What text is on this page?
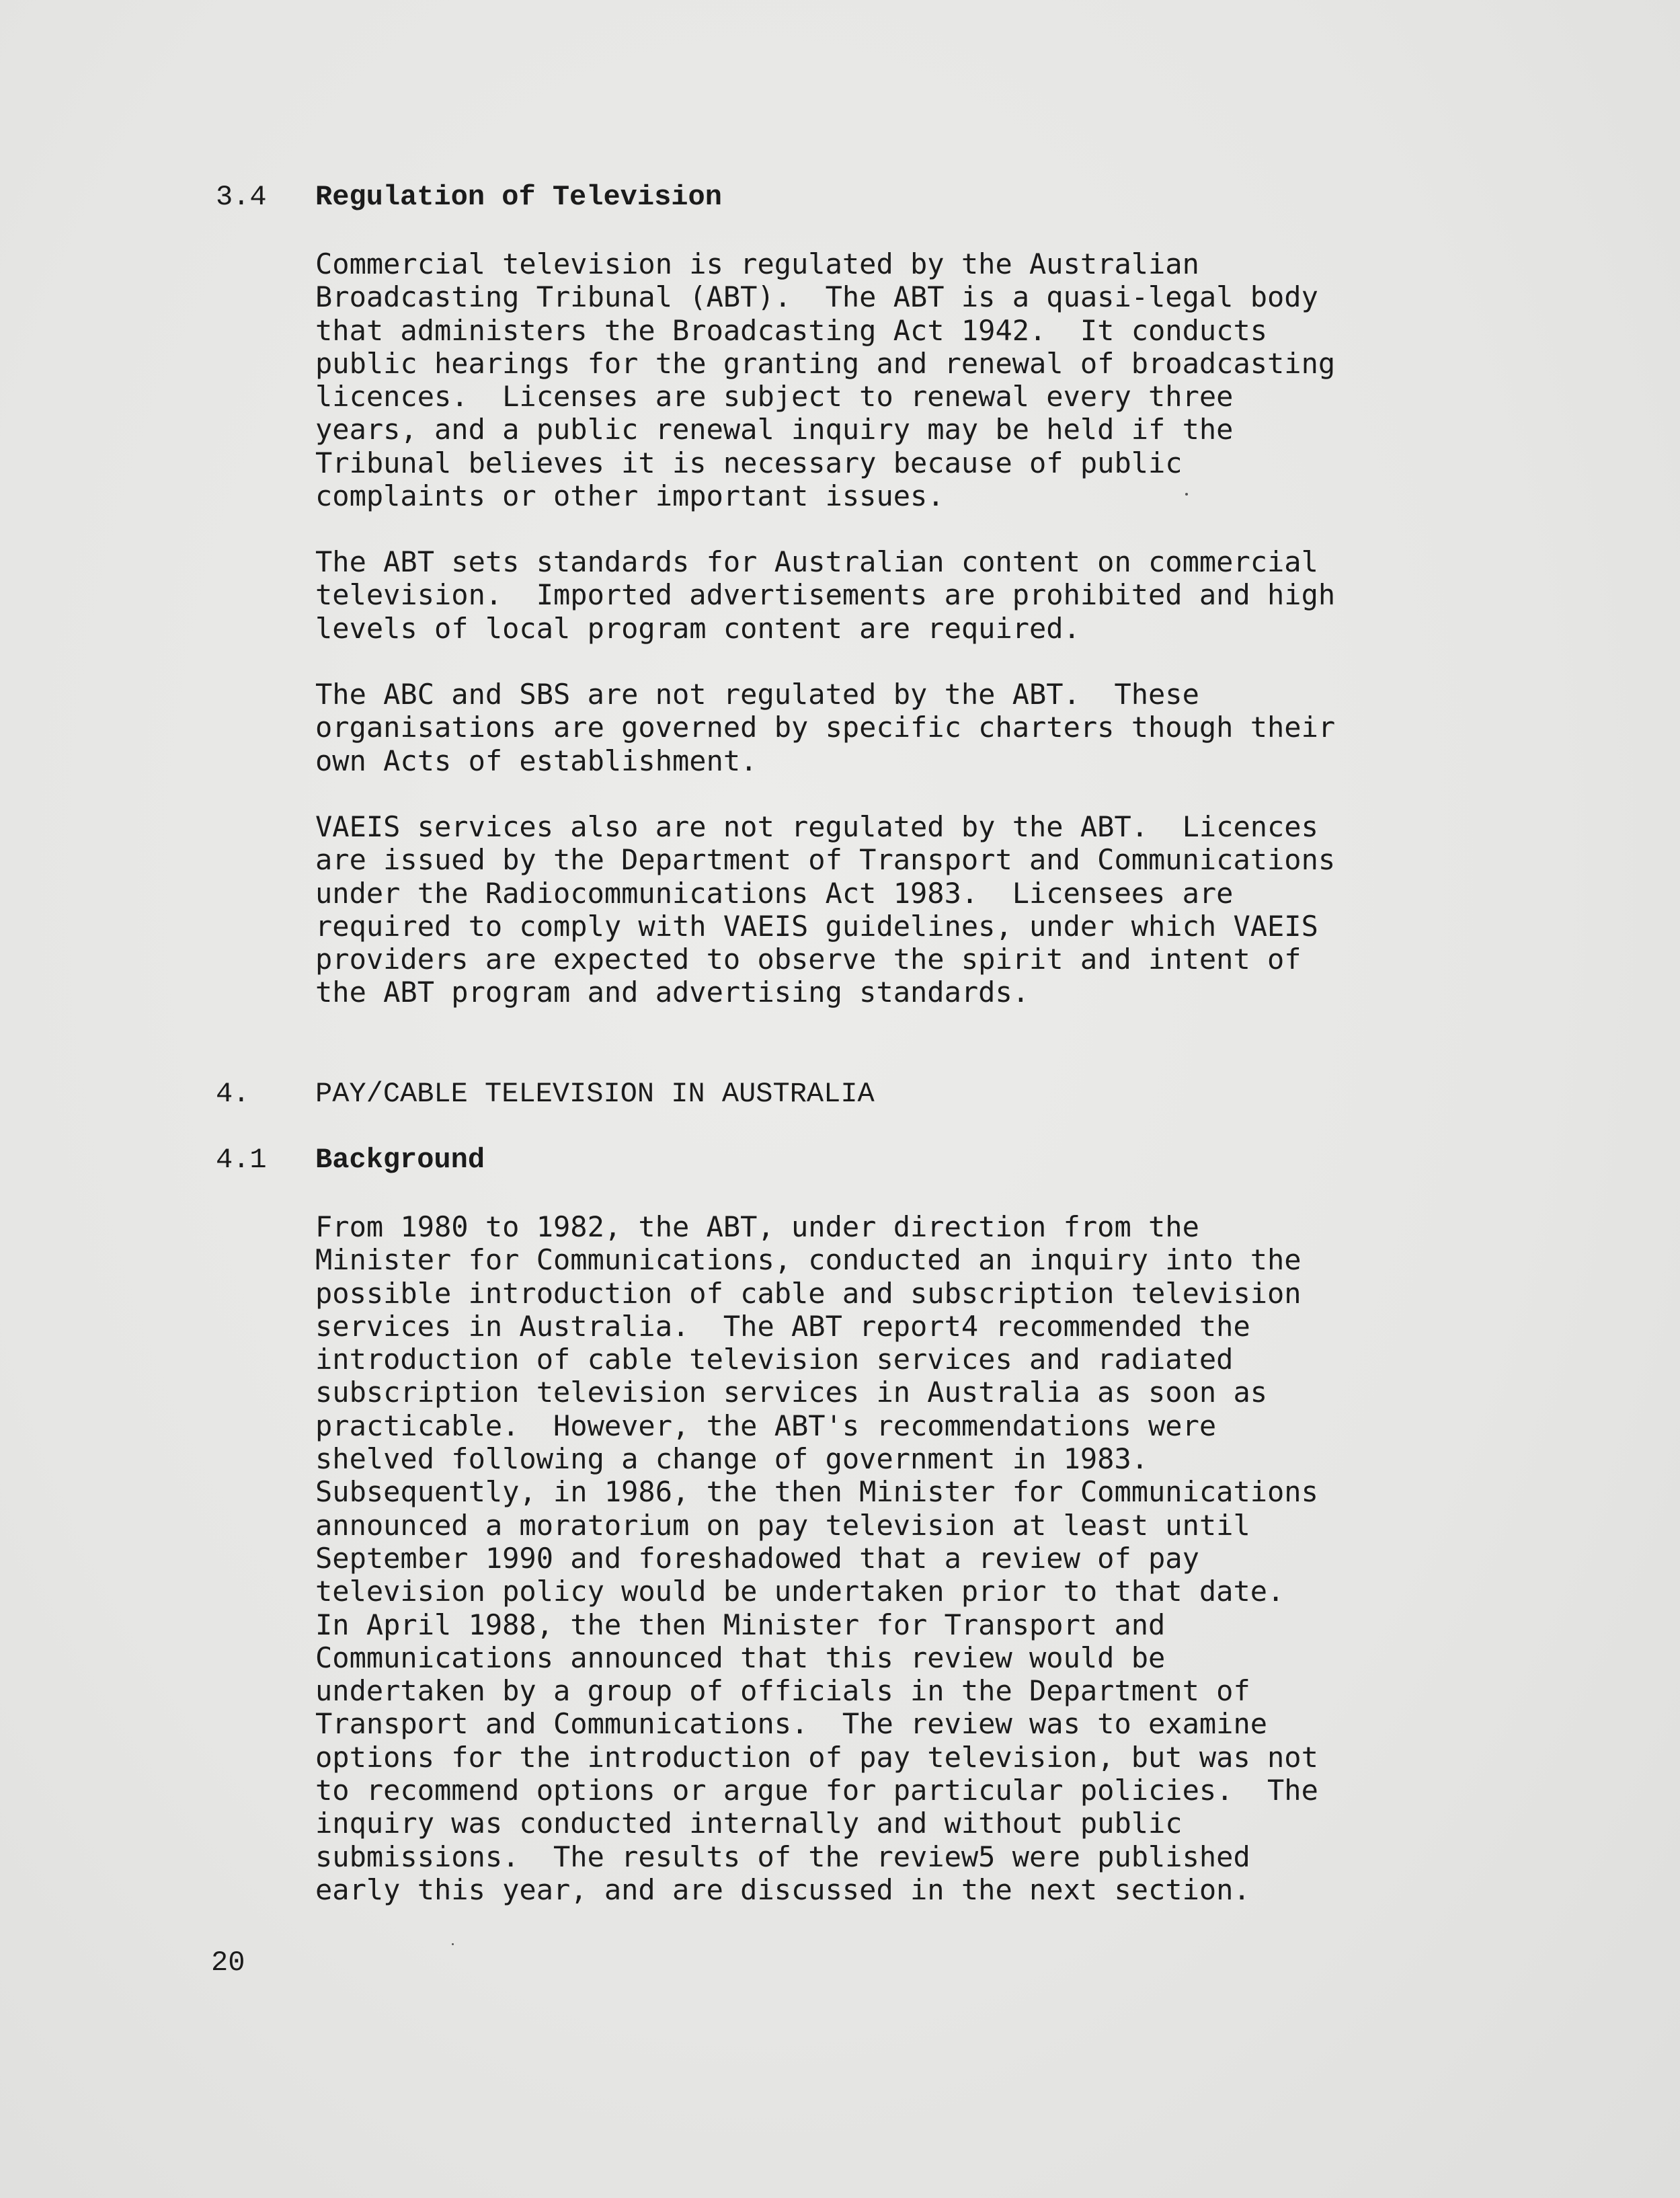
3.4

Regulation of Television

Commercial television is regulated by the Australian
Broadcasting Tribunal (ABT).  The ABT is a quasi-legal body
that administers the Broadcasting Act 1942.  It conducts
public hearings for the granting and renewal of broadcasting
licences.  Licenses are subject to renewal every three
years, and a public renewal inquiry may be held if the
Tribunal believes it is necessary because of public
complaints or other important issues.
The ABT sets standards for Australian content on commercial
television.  Imported advertisements are prohibited and high
levels of local program content are required.
The ABC and SBS are not regulated by the ABT.  These
organisations are governed by specific charters though their
own Acts of establishment.
VAEIS services also are not regulated by the ABT.  Licences
are issued by the Department of Transport and Communications
under the Radiocommunications Act 1983.  Licensees are
required to comply with VAEIS guidelines, under which VAEIS
providers are expected to observe the spirit and intent of
the ABT program and advertising standards.

4.

PAY/CABLE TELEVISION IN AUSTRALIA

4.1

Background

From 1980 to 1982, the ABT, under direction from the
Minister for Communications, conducted an inquiry into the
possible introduction of cable and subscription television
services in Australia.  The ABT report4 recommended the
introduction of cable television services and radiated
subscription television services in Australia as soon as
practicable.  However, the ABT's recommendations were
shelved following a change of government in 1983.
Subsequently, in 1986, the then Minister for Communications
announced a moratorium on pay television at least until
September 1990 and foreshadowed that a review of pay
television policy would be undertaken prior to that date.
In April 1988, the then Minister for Transport and
Communications announced that this review would be
undertaken by a group of officials in the Department of
Transport and Communications.  The review was to examine
options for the introduction of pay television, but was not
to recommend options or argue for particular policies.  The
inquiry was conducted internally and without public
submissions.  The results of the review5 were published
early this year, and are discussed in the next section.
20
